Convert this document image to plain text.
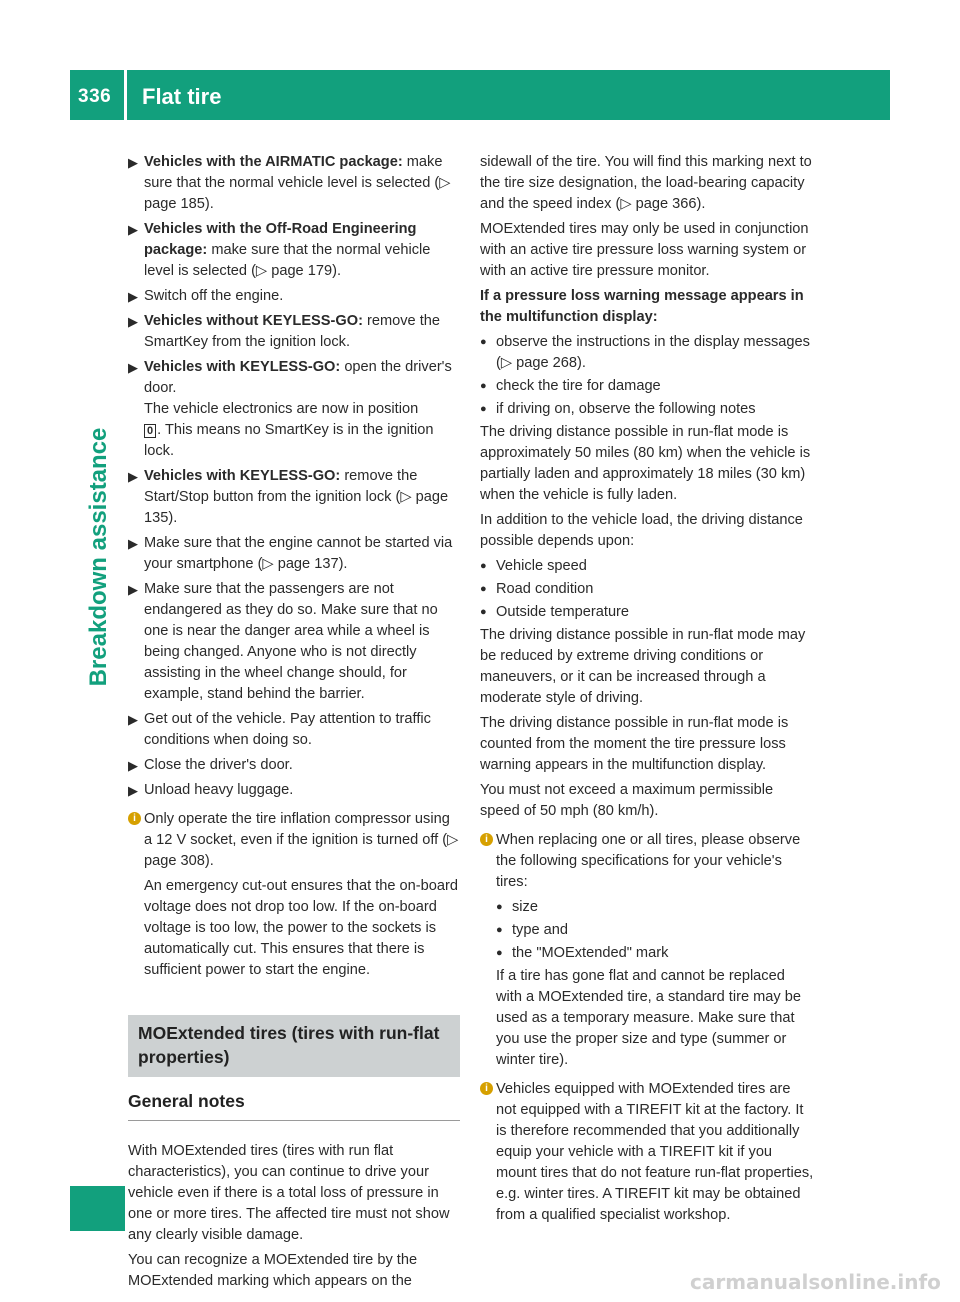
336	Flat tire
Breakdown assistance
▶ Vehicles with the AIRMATIC package: make sure that the normal vehicle level is selected (▷ page 185).
▶ Vehicles with the Off-Road Engineering package: make sure that the normal vehicle level is selected (▷ page 179).
▶ Switch off the engine.
▶ Vehicles without KEYLESS-GO: remove the SmartKey from the ignition lock.
▶ Vehicles with KEYLESS-GO: open the driver's door.
The vehicle electronics are now in position
0 . This means no SmartKey is in the ignition lock.
▶ Vehicles with KEYLESS-GO: remove the Start/Stop button from the ignition lock (▷ page 135).
▶ Make sure that the engine cannot be started via your smartphone (▷ page 137).
▶ Make sure that the passengers are not endangered as they do so. Make sure that no one is near the danger area while a wheel is being changed. Anyone who is not directly assisting in the wheel change should, for example, stand behind the barrier.
▶ Get out of the vehicle. Pay attention to traffic conditions when doing so.
▶ Close the driver's door.
▶ Unload heavy luggage.
i Only operate the tire inflation compressor using a 12 V socket, even if the ignition is turned off (▷ page 308).

An emergency cut-out ensures that the on-board voltage does not drop too low. If the on-board voltage is too low, the power to the sockets is automatically cut. This ensures that there is sufficient power to start the engine.

MOExtended tires (tires with run-flat properties)
General notes

With MOExtended tires (tires with run flat characteristics), you can continue to drive your vehicle even if there is a total loss of pressure in one or more tires. The affected tire must not show any clearly visible damage.

You can recognize a MOExtended tire by the MOExtended marking which appears on the

sidewall of the tire. You will find this marking next to the tire size designation, the load-bearing capacity and the speed index (▷ page 366).

MOExtended tires may only be used in conjunction with an active tire pressure loss warning system or with an active tire pressure monitor.

If a pressure loss warning message appears in the multifunction display:

● observe the instructions in the display messages (▷ page 268).
● check the tire for damage
● if driving on, observe the following notes

The driving distance possible in run-flat mode is approximately 50 miles (80 km) when the vehicle is partially laden and approximately 18 miles (30 km) when the vehicle is fully laden.

In addition to the vehicle load, the driving distance possible depends upon:

● Vehicle speed
● Road condition
● Outside temperature

The driving distance possible in run-flat mode may be reduced by extreme driving conditions or maneuvers, or it can be increased through a moderate style of driving.

The driving distance possible in run-flat mode is counted from the moment the tire pressure loss warning appears in the multifunction display.

You must not exceed a maximum permissible speed of 50 mph (80 km/h).

i When replacing one or all tires, please observe the following specifications for your vehicle's tires:

● size
● type and
● the "MOExtended" mark

If a tire has gone flat and cannot be replaced with a MOExtended tire, a standard tire may be used as a temporary measure. Make sure that you use the proper size and type (summer or winter tire).

i Vehicles equipped with MOExtended tires are not equipped with a TIREFIT kit at the factory. It is therefore recommended that you additionally equip your vehicle with a TIREFIT kit if you mount tires that do not feature run-flat properties, e.g. winter tires. A TIREFIT kit may be obtained from a qualified specialist workshop.

carmanualsonline.info
